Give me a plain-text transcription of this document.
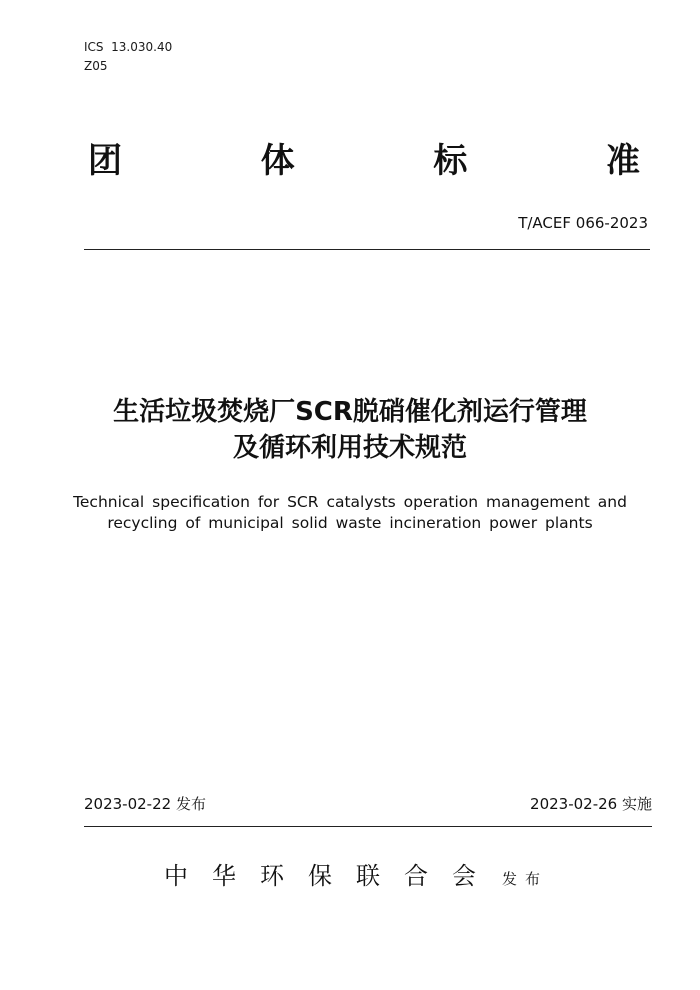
ICS  13.030.40
Z05
团	体	标	准
T/ACEF 066-2023
生活垃圾焚烧厂SCR脱硝催化剂运行管理
及循环利用技术规范
Technical specification for SCR catalysts operation management and
recycling of municipal solid waste incineration power plants
2023-02-22 发布	2023-02-26 实施
中华环保联合会 发布
